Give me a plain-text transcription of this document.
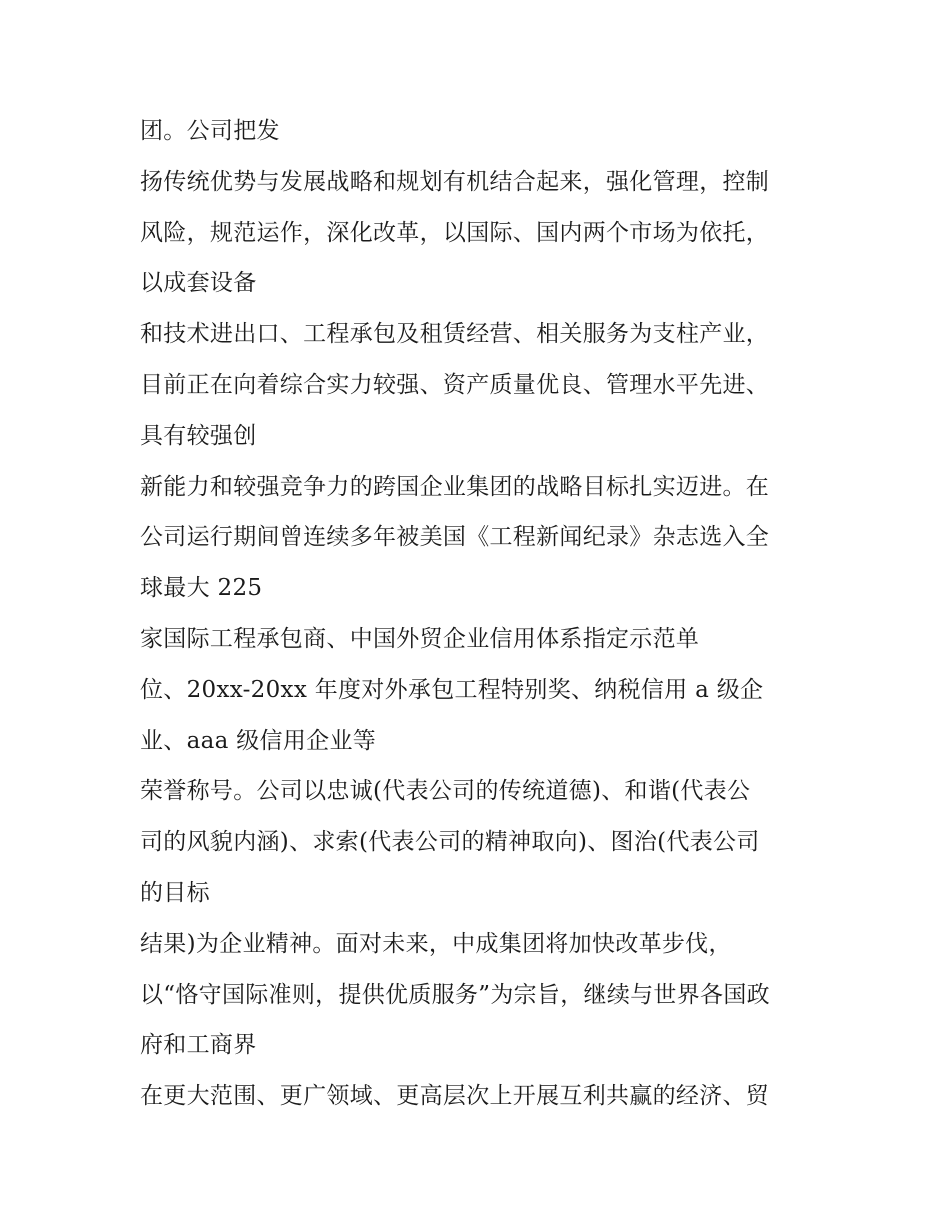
团。公司把发
扬传统优势与发展战略和规划有机结合起来，强化管理，控制
风险，规范运作，深化改革，以国际、国内两个市场为依托，
以成套设备
和技术进出口、工程承包及租赁经营、相关服务为支柱产业，
目前正在向着综合实力较强、资产质量优良、管理水平先进、
具有较强创
新能力和较强竞争力的跨国企业集团的战略目标扎实迈进。在
公司运行期间曾连续多年被美国《工程新闻纪录》杂志选入全
球最大 225
家国际工程承包商、中国外贸企业信用体系指定示范单
位、20xx-20xx 年度对外承包工程特别奖、纳税信用 a 级企
业、aaa 级信用企业等
荣誉称号。公司以忠诚(代表公司的传统道德)、和谐(代表公
司的风貌内涵)、求索(代表公司的精神取向)、图治(代表公司
的目标
结果)为企业精神。面对未来，中成集团将加快改革步伐，
以“恪守国际准则，提供优质服务”为宗旨，继续与世界各国政
府和工商界
在更大范围、更广领域、更高层次上开展互利共赢的经济、贸
